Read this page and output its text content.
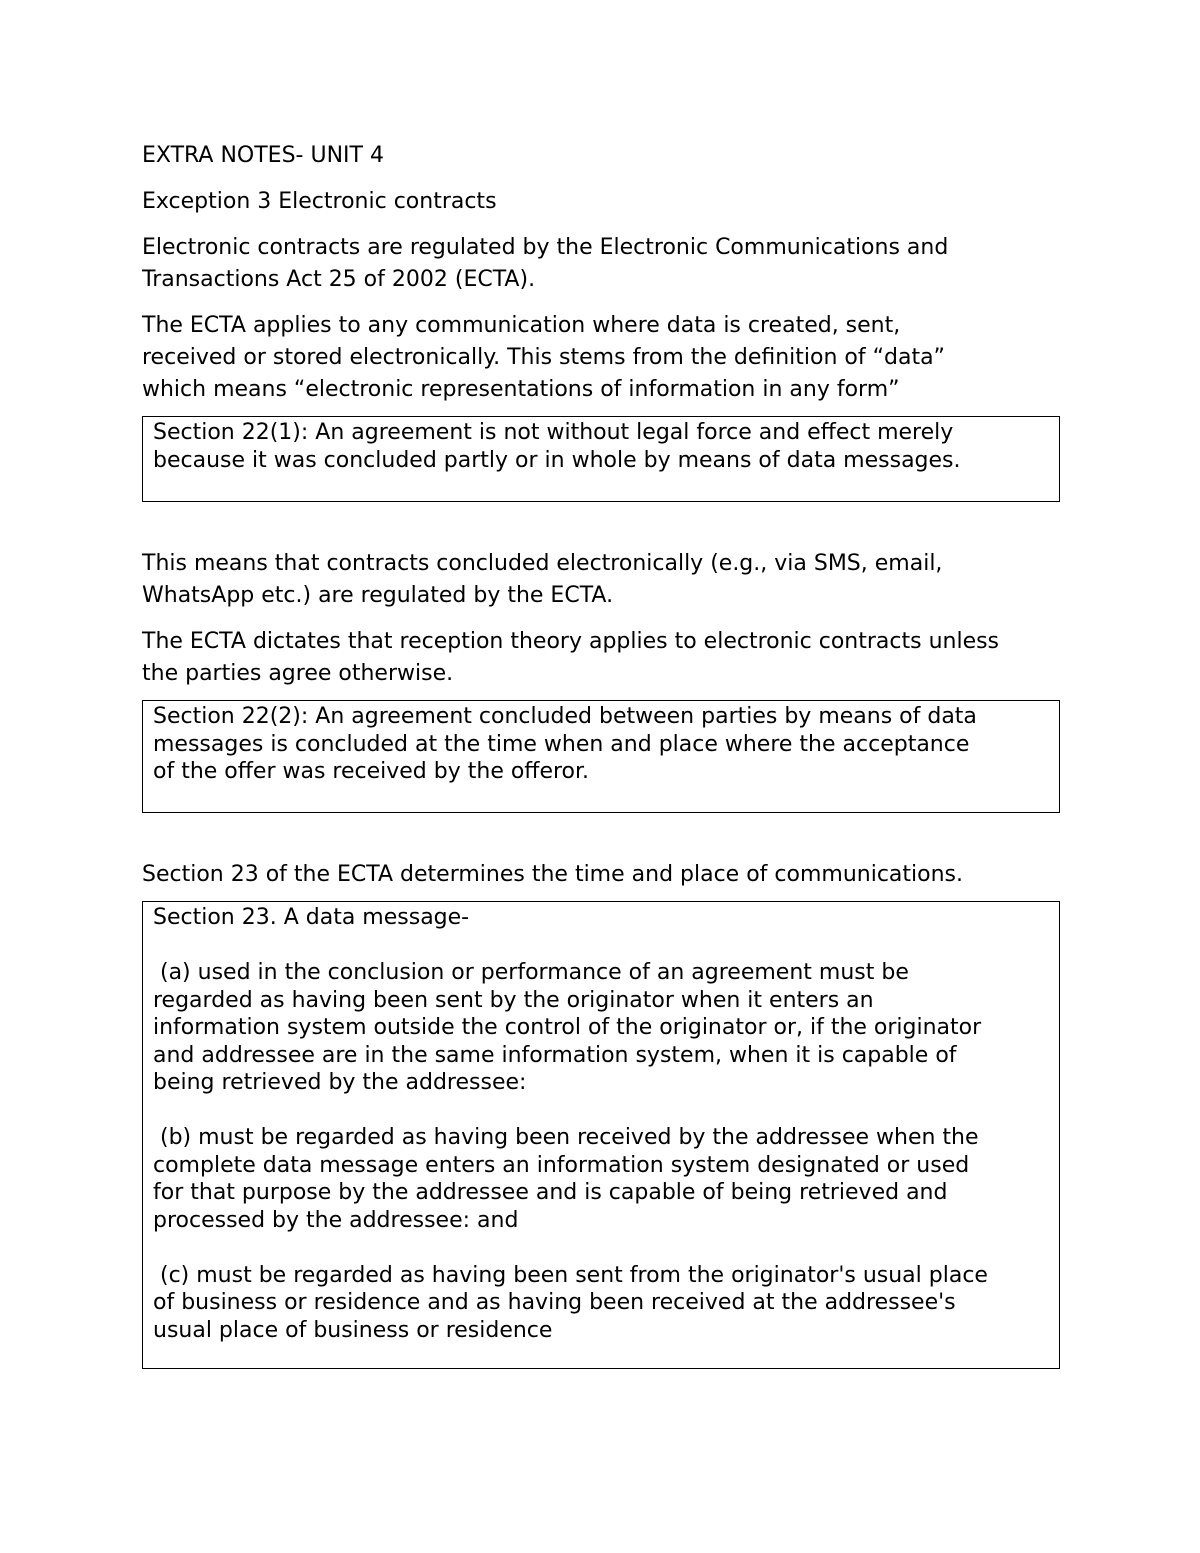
EXTRA NOTES- UNIT 4

Exception 3 Electronic contracts

Electronic contracts are regulated by the Electronic Communications and Transactions Act 25 of 2002 (ECTA).

The ECTA applies to any communication where data is created, sent,
received or stored electronically. This stems from the definition of “data”
which means “electronic representations of information in any form”

Section 22(1): An agreement is not without legal force and effect merely
because it was concluded partly or in whole by means of data messages.

This means that contracts concluded electronically (e.g., via SMS, email,
WhatsApp etc.) are regulated by the ECTA.

The ECTA dictates that reception theory applies to electronic contracts unless
the parties agree otherwise.

Section 22(2): An agreement concluded between parties by means of data
messages is concluded at the time when and place where the acceptance
of the offer was received by the offeror.

Section 23 of the ECTA determines the time and place of communications.

Section 23. A data message-
(a) used in the conclusion or performance of an agreement must be
regarded as having been sent by the originator when it enters an
information system outside the control of the originator or, if the originator
and addressee are in the same information system, when it is capable of
being retrieved by the addressee:
(b) must be regarded as having been received by the addressee when the
complete data message enters an information system designated or used
for that purpose by the addressee and is capable of being retrieved and
processed by the addressee: and
(c) must be regarded as having been sent from the originator's usual place
of business or residence and as having been received at the addressee's
usual place of business or residence
